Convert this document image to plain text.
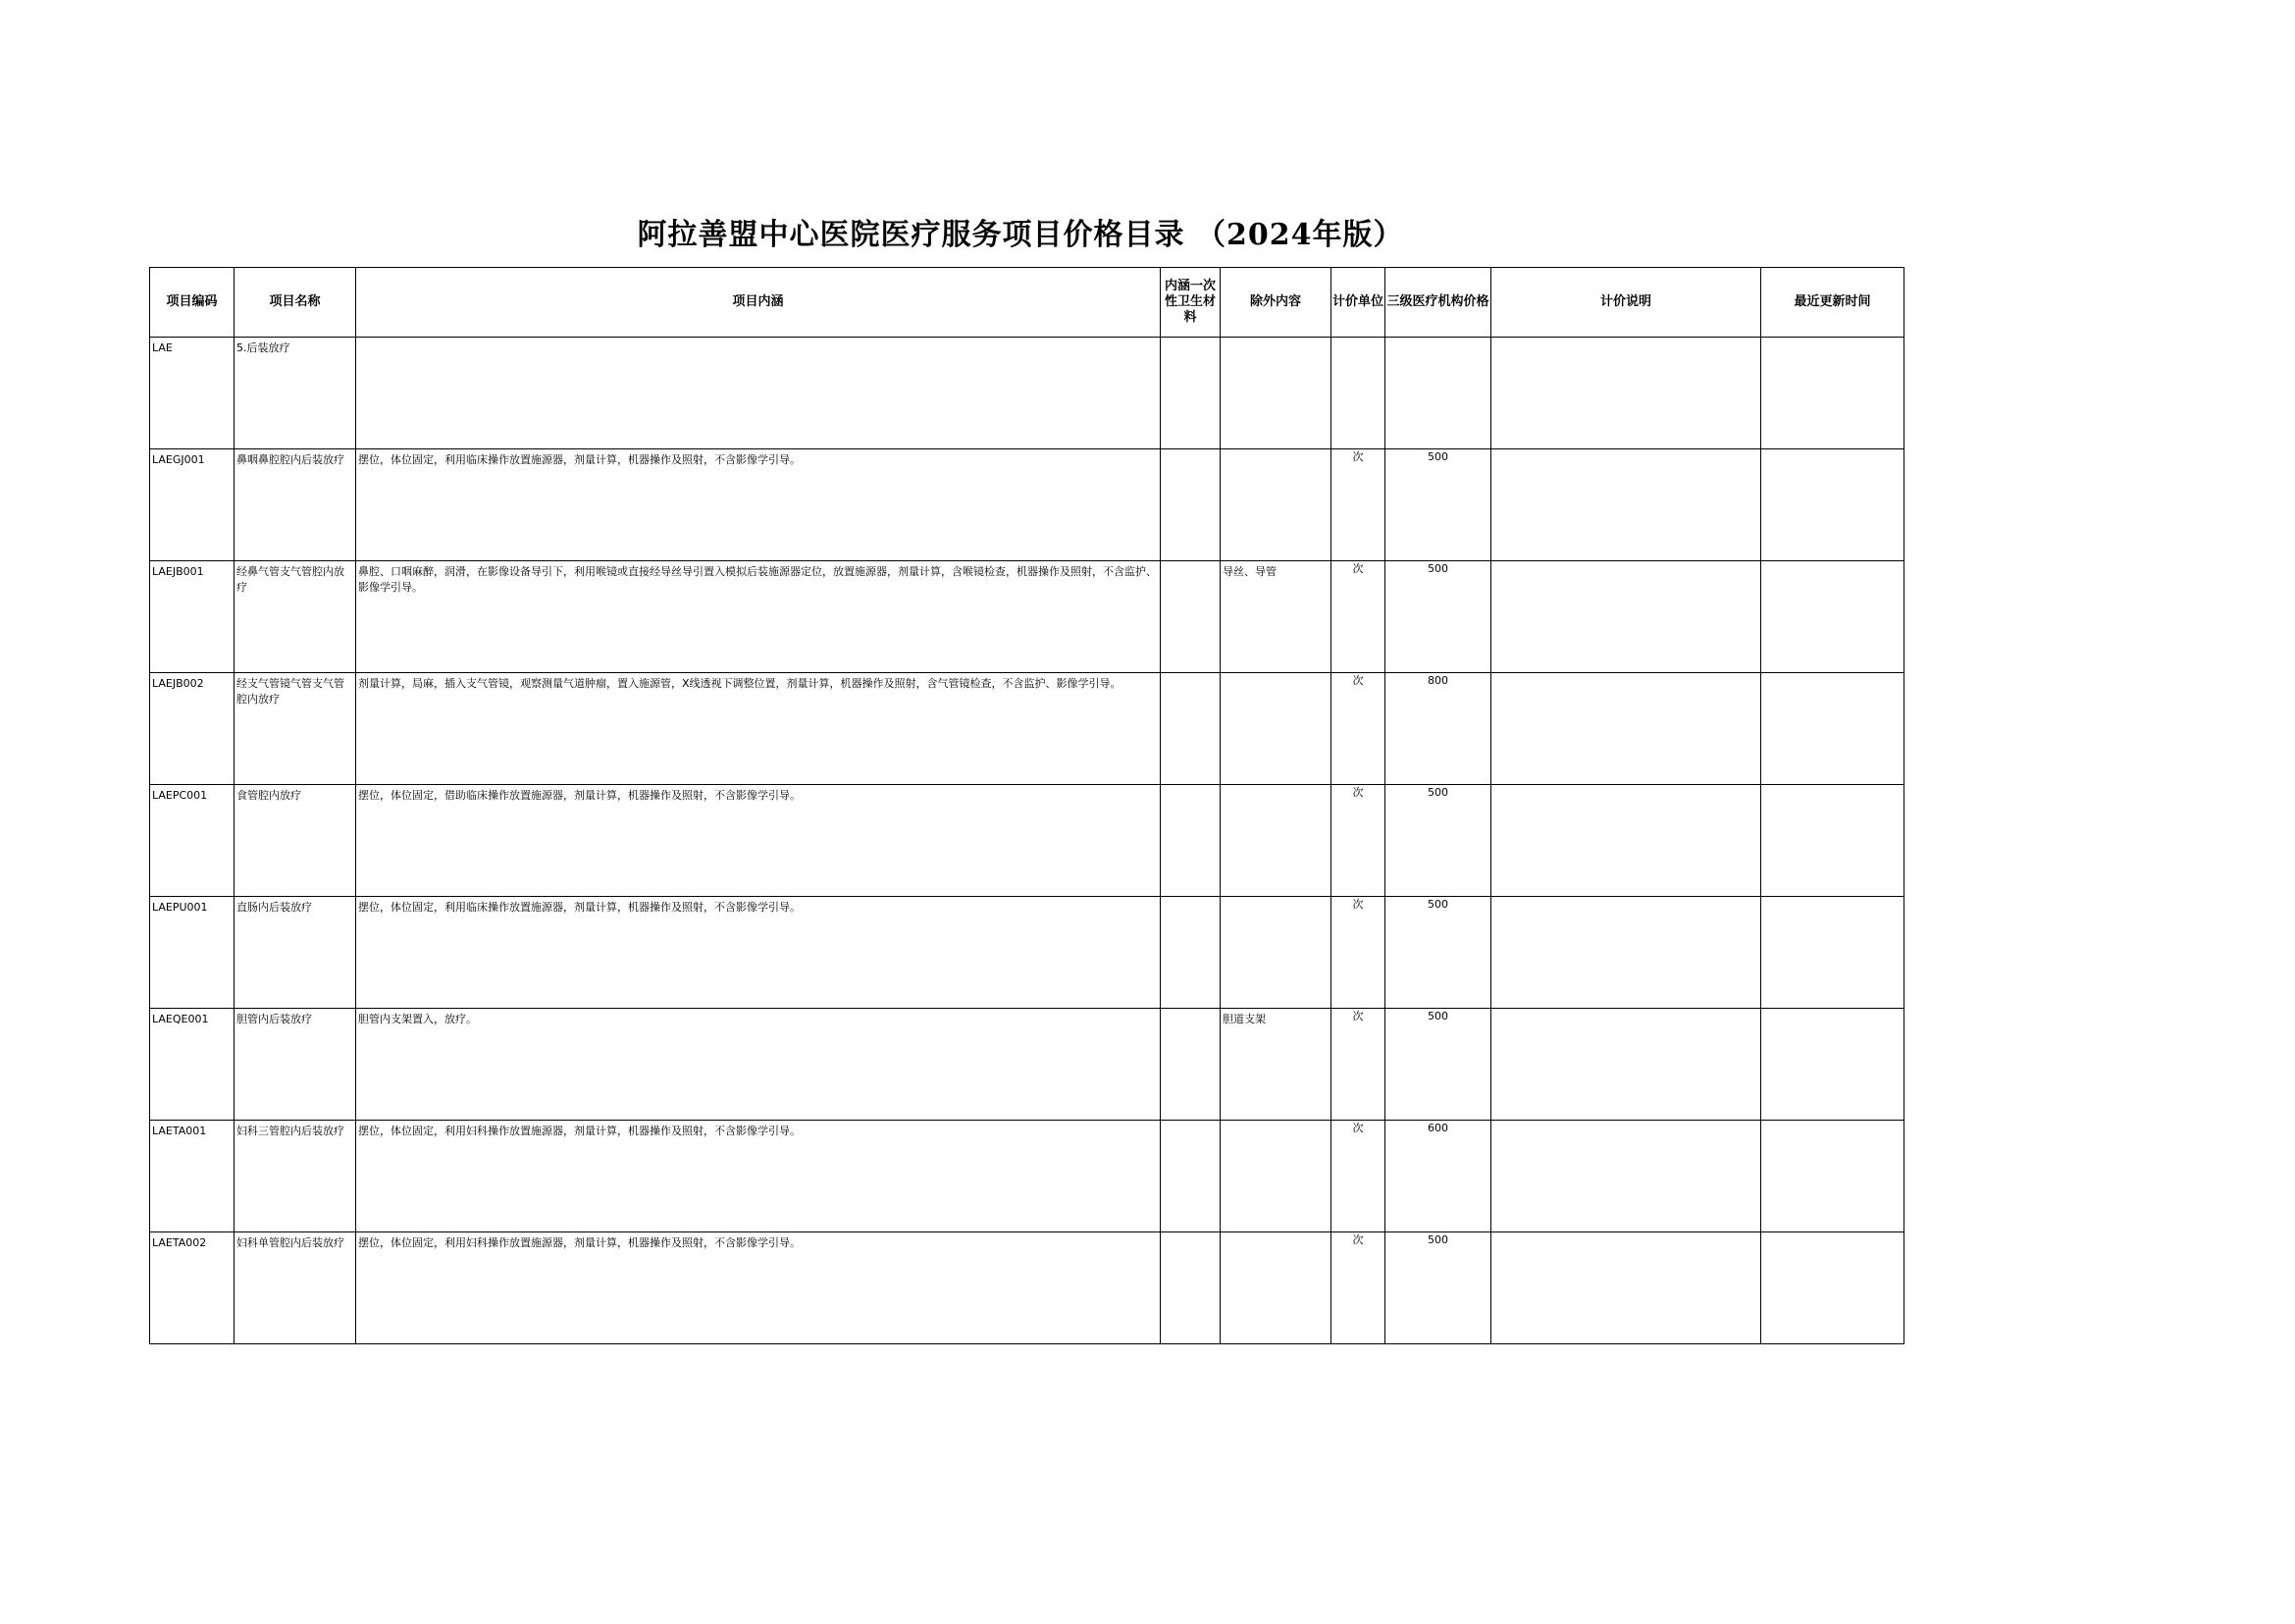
阿拉善盟中心医院医疗服务项目价格目录 （2024年版）
项目编码	项目名称	项目内涵	内涵一次性卫生材料	除外内容	计价单位	三级医疗机构价格	计价说明	最近更新时间

LAE	5.后装放疗							

LAEGJ001	鼻咽鼻腔腔内后装放疗	摆位，体位固定，利用临床操作放置施源器，剂量计算，机器操作及照射，不含影像学引导。			次	500	

LAEJB001	经鼻气管支气管腔内放疗	鼻腔、口咽麻醉，润滑，在影像设备导引下，利用喉镜或直接经导丝导引置入模拟后装施源器定位，放置施源器，剂量计算，含喉镜检查，机器操作及照射，不含监护、影像学引导。		导丝、导管	次	500	

LAEJB002	经支气管镜气管支气管腔内放疗	剂量计算，局麻，插入支气管镜，观察测量气道肿瘤，置入施源管，X线透视下调整位置，剂量计算，机器操作及照射，含气管镜检查，不含监护、影像学引导。			次	800	

LAEPC001	食管腔内放疗	摆位，体位固定，借助临床操作放置施源器，剂量计算，机器操作及照射，不含影像学引导。			次	500	

LAEPU001	直肠内后装放疗	摆位，体位固定，利用临床操作放置施源器，剂量计算，机器操作及照射，不含影像学引导。			次	500	

LAEQE001	胆管内后装放疗	胆管内支架置入，放疗。		胆道支架	次	500	

LAETA001	妇科三管腔内后装放疗	摆位，体位固定，利用妇科操作放置施源器，剂量计算，机器操作及照射，不含影像学引导。			次	600	

LAETA002	妇科单管腔内后装放疗	摆位，体位固定，利用妇科操作放置施源器，剂量计算，机器操作及照射，不含影像学引导。			次	500	
